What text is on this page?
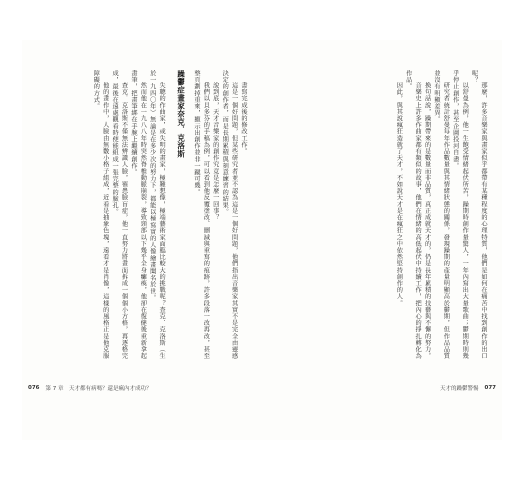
書寫完成後的修改工作。
這是一個好問題，但某些研究者並不認為這是一個好問題，他們指出音樂家其實不是完全由靈感決定的創作者，而是長期累積與刻意練習的結果。
說到底，天才音樂家的創作究竟是怎麼一回事？
我們以貝多芬的手稿為例，可以看到他反覆塗改、刪減與重寫的痕跡，許多段落一改再改，甚至整頁劃掉重來，顯示出創作並非一蹴可幾。
躁鬱症畫家奈克．克洛斯
失聰的作曲家，或失明的畫家，極難想像，極端藝術家面臨比較大的挑戰呢？查克．克洛斯（生於一九四〇年）無論是在多少次的努力下，都能以極寫實的人像繪畫聞名於世。
然而他在一九八八年時突然脊椎動脈崩裂，導致頸部以下幾乎全身癱瘓，他卻在復健後重新拿起畫筆，把畫筆綁在手腕上繼續創作。
查克．克洛斯不僅無法辨識人臉，罹患臉盲症，他一直努力將畫面拆成一個個小方格，再逐格完成，最後在遠處觀看時便能組成一張完整的臉孔。
他的畫作中，人臉由無數小格子組成，近看是抽象色塊，遠看才是肖像，這樣的風格正是他克服障礙的方式。
076 第 7 章　天才都有病嗎？還是瘋內才成功？
那麼，許多音樂家與畫家似乎都帶有某種程度的心理特質，他們是如何在痛苦中找到創作的出口呢？
以舒曼為例，他一生飽受情緒起伏所苦，躁期時創作量驚人，一年內寫出大量歌曲；鬱期時則幾乎停止創作，甚至企圖投河自盡。
研究者統計舒曼每年作品數量與其情緒狀態的關係，發現躁期的產量明顯高於鬱期，但作品品質並沒有明顯差異。
換句話說，躁期帶來的是數量而非品質，真正成就天才的，仍是長年累積的技藝與不懈的努力。
音樂史上許多作曲家都有類似的故事，他們在情緒的高低起伏中持續工作，把內心的掙扎轉化為作品。
因此，與其說瘋狂造就了天才，不如說天才是在瘋狂之中依然堅持創作的人。
天才的躁鬱警惕 077
